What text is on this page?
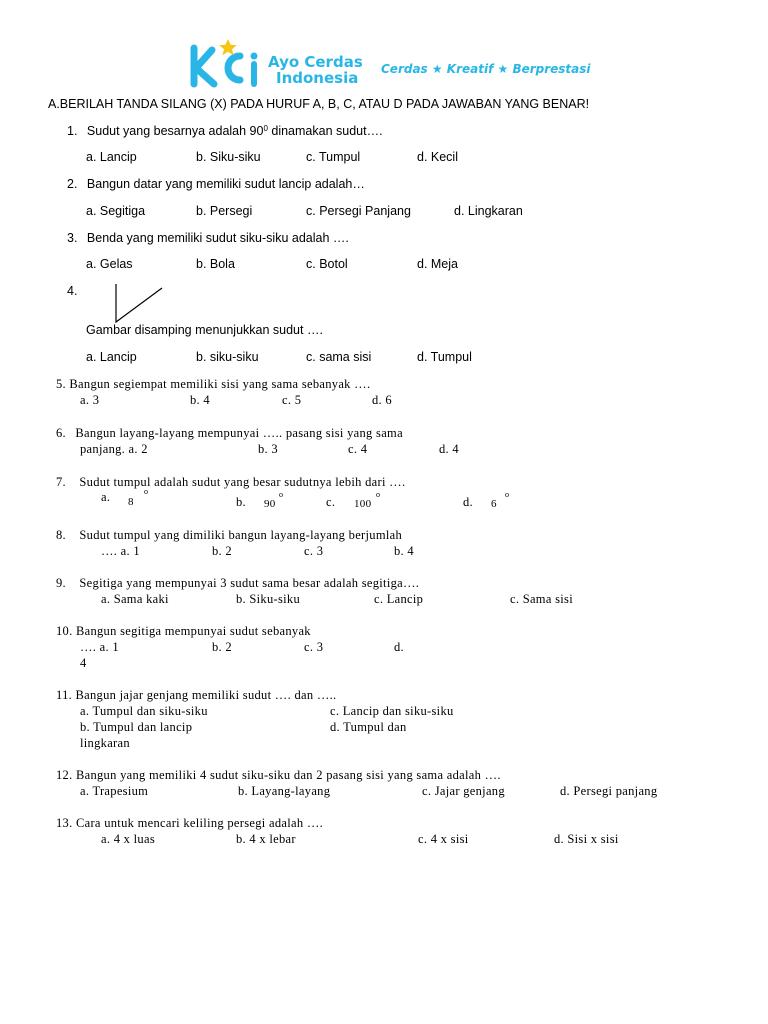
Ayo Cerdas
Indonesia Cerdas ★ Kreatif ★ Berprestasi
A.BERILAH TANDA SILANG (X) PADA HURUF A, B, C, ATAU D PADA JAWABAN YANG BENAR!
1. Sudut yang besarnya adalah $90^0$ dinamakan sudut….
a. Lancip	b. Siku-siku	c. Tumpul	d. Kecil
2. Bangun datar yang memiliki sudut lancip adalah…
a. Segitiga	b. Persegi	c. Persegi Panjang	d. Lingkaran
3. Benda yang memiliki sudut siku-siku adalah ….
a. Gelas	b. Bola	c. Botol	d. Meja
4.
Gambar disamping menunjukkan sudut ….
a. Lancip	b. siku-siku	c. sama sisi	d. Tumpul
5. Bangun segiempat memiliki sisi yang sama sebanyak ….
a. 3	b. 4	c. 5	d. 6
6. Bangun layang-layang mempunyai ….. pasang sisi yang sama
panjang. a. 2	b. 3	c. 4	d. 4
7. Sudut tumpul adalah sudut yang besar sudutnya lebih dari ….
a. 8
o
b. 90
o
c. 100
o
d. 6
o
8. Sudut tumpul yang dimiliki bangun layang-layang berjumlah
…. a. 1	b. 2	c. 3	b. 4
9. Segitiga yang mempunyai 3 sudut sama besar adalah segitiga….
a. Sama kaki	b. Siku-siku	c. Lancip	c. Sama sisi
10. Bangun segitiga mempunyai sudut sebanyak
…. a. 1	b. 2	c. 3	d.
4
11. Bangun jajar genjang memiliki sudut …. dan …..
a. Tumpul dan siku-siku	c. Lancip dan siku-siku
b. Tumpul dan lancip	d. Tumpul dan
lingkaran
12. Bangun yang memiliki 4 sudut siku-siku dan 2 pasang sisi yang sama adalah ….
a. Trapesium	b. Layang-layang	c. Jajar genjang	d. Persegi panjang
13. Cara untuk mencari keliling persegi adalah ….
a. 4 x luas	b. 4 x lebar	c. 4 x sisi	d. Sisi x sisi
